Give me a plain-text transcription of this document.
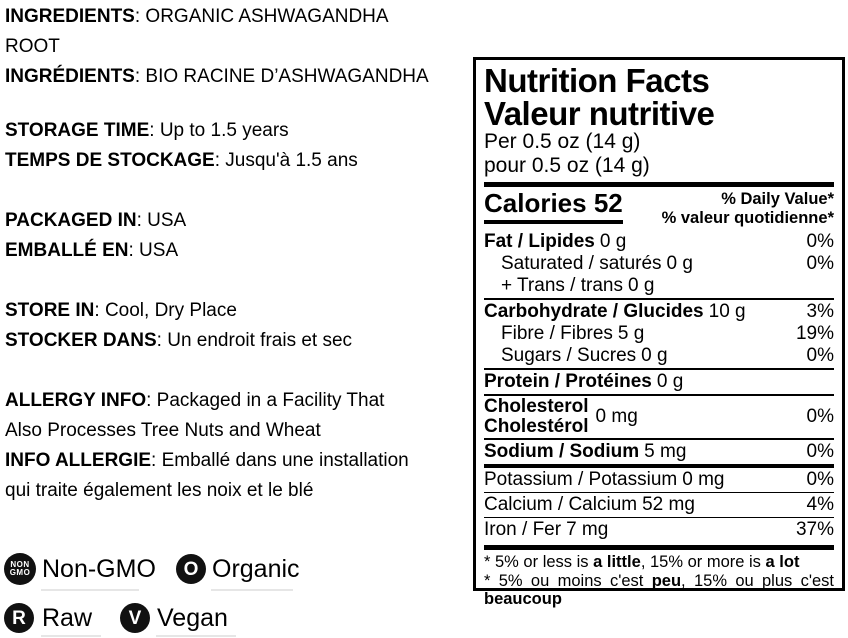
INGREDIENTS: ORGANIC ASHWAGANDHA
ROOT
INGRÉDIENTS: BIO RACINE D’ASHWAGANDHA
STORAGE TIME: Up to 1.5 years
TEMPS DE STOCKAGE: Jusqu'à 1.5 ans
PACKAGED IN: USA
EMBALLÉ EN: USA
STORE IN: Cool, Dry Place
STOCKER DANS: Un endroit frais et sec
ALLERGY INFO: Packaged in a Facility That
Also Processes Tree Nuts and Wheat
INFO ALLERGIE: Emballé dans une installation
qui traite également les noix et le blé
NON
GMO Non-GMO O Organic
R Raw V Vegan
Nutrition Facts
Valeur nutritive
Per 0.5 oz (14 g)
pour 0.5 oz (14 g)
Calories 52	% Daily Value*
% valeur quotidienne*
Fat / Lipides 0 g	0%
Saturated / saturés 0 g	0%
+ Trans / trans 0 g
Carbohydrate / Glucides 10 g	3%
Fibre / Fibres 5 g	19%
Sugars / Sucres 0 g	0%
Protein / Protéines 0 g
Cholesterol
Cholestérol 0 mg	0%
Sodium / Sodium 5 mg	0%
Potassium / Potassium 0 mg	0%
Calcium / Calcium 52 mg	4%
Iron / Fer 7 mg	37%
* 5% or less is a little, 15% or more is a lot
* 5% ou moins c'est peu, 15% ou plus c'est beaucoup
